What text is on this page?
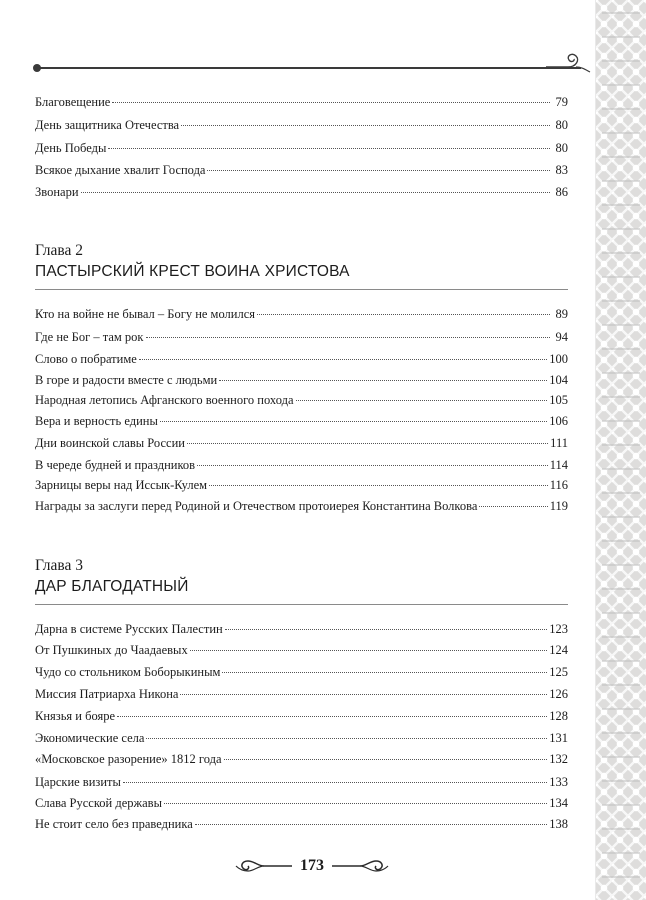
Благовещение	79
День защитника Отечества	80
День Победы	80
Всякое дыхание хвалит Господа	83
Звонари	86
Глава 2
ПАСТЫРСКИЙ КРЕСТ ВОИНА ХРИСТОВА
Кто на войне не бывал – Богу не молился	89
Где не Бог – там рок	94
Слово о побратиме	100
В горе и радости вместе с людьми	104
Народная летопись Афганского военного похода	105
Вера и верность едины	106
Дни воинской славы России	111
В череде будней и праздников	114
Зарницы веры над Иссык-Кулем	116
Награды за заслуги перед Родиной и Отечеством протоиерея Константина Волкова	119
Глава 3
ДАР БЛАГОДАТНЫЙ
Дарна в системе Русских Палестин	123
От Пушкиных до Чаадаевых	124
Чудо со стольником Боборыкиным	125
Миссия Патриарха Никона	126
Князья и бояре	128
Экономические села	131
«Московское разорение» 1812 года	132
Царские визиты	133
Слава Русской державы	134
Не стоит село без праведника	138
173
